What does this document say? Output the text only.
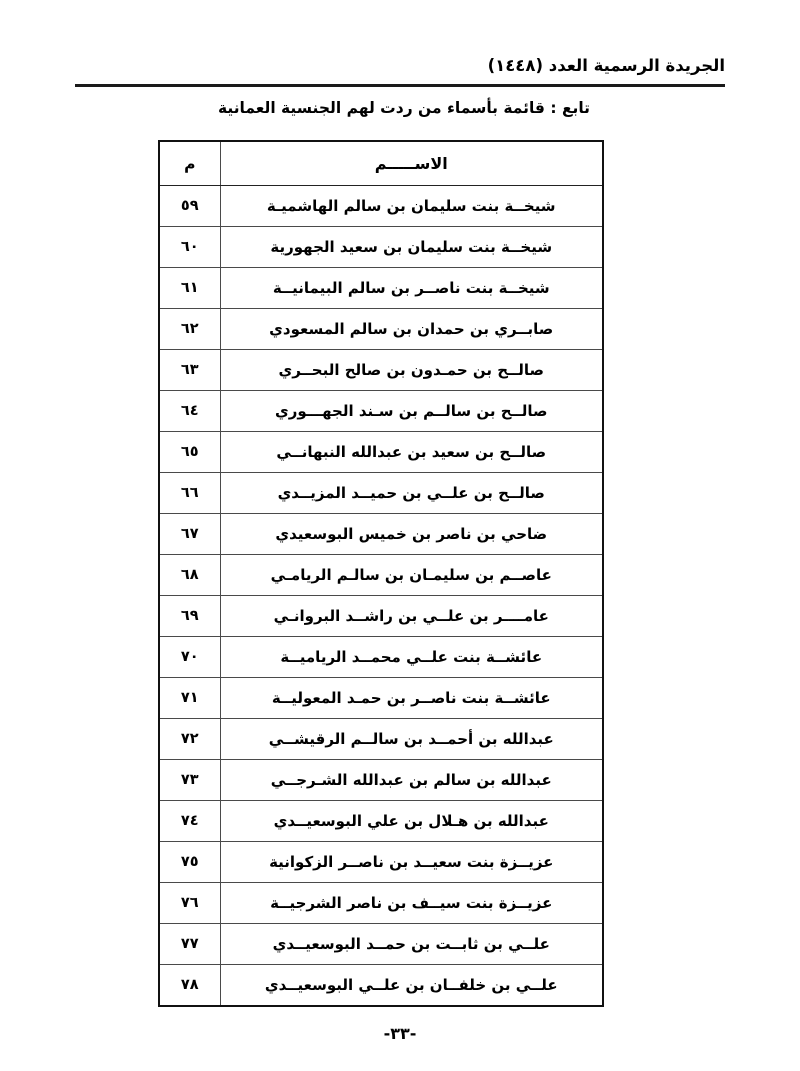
الجريدة الرسمية العدد (١٤٤٨)
تابع : قائمة بأسماء من ردت لهم الجنسية العمانية
الاســـــم	م

شيخــة بنت سليمان بن سالم الهاشميـة	٥٩

شيخــة بنت سليمان بن سعيد الجهورية	٦٠

شيخــة بنت ناصــر بن سالم البيمانيــة	٦١

صابــري بن حمدان بن سالم المسعودي	٦٢

صالــح بن حمـدون بن صالح البحــري	٦٣

صالــح بن سالــم بن سـند الجهـــوري	٦٤

صالــح بن سعيد بن عبدالله النبهانــي	٦٥

صالــح بن علــي بن حميــد المزيــدي	٦٦

ضاحي بن ناصر بن خميس البوسعيدي	٦٧

عاصــم بن سليمـان بن سالـم الريامـي	٦٨

عامــــر بن علــي بن راشــد البروانـي	٦٩

عائشــة بنت علــي محمــد الرياميــة	٧٠

عائشــة بنت ناصــر بن حمـد المعوليــة	٧١

عبدالله بن أحمــد بن سالــم الرقيشــي	٧٢

عبدالله بن سالم بن عبدالله الشـرجــي	٧٣

عبدالله بن هـلال بن علي البوسعيــدي	٧٤

عزيــزة بنت سعيــد بن ناصــر الزكوانية	٧٥

عزيــزة بنت سيــف بن ناصر الشرجيــة	٧٦

علــي بن ثابــت بن حمــد البوسعيــدي	٧٧

علــي بن خلفــان بن علــي البوسعيــدي	٧٨
-٣٣-
